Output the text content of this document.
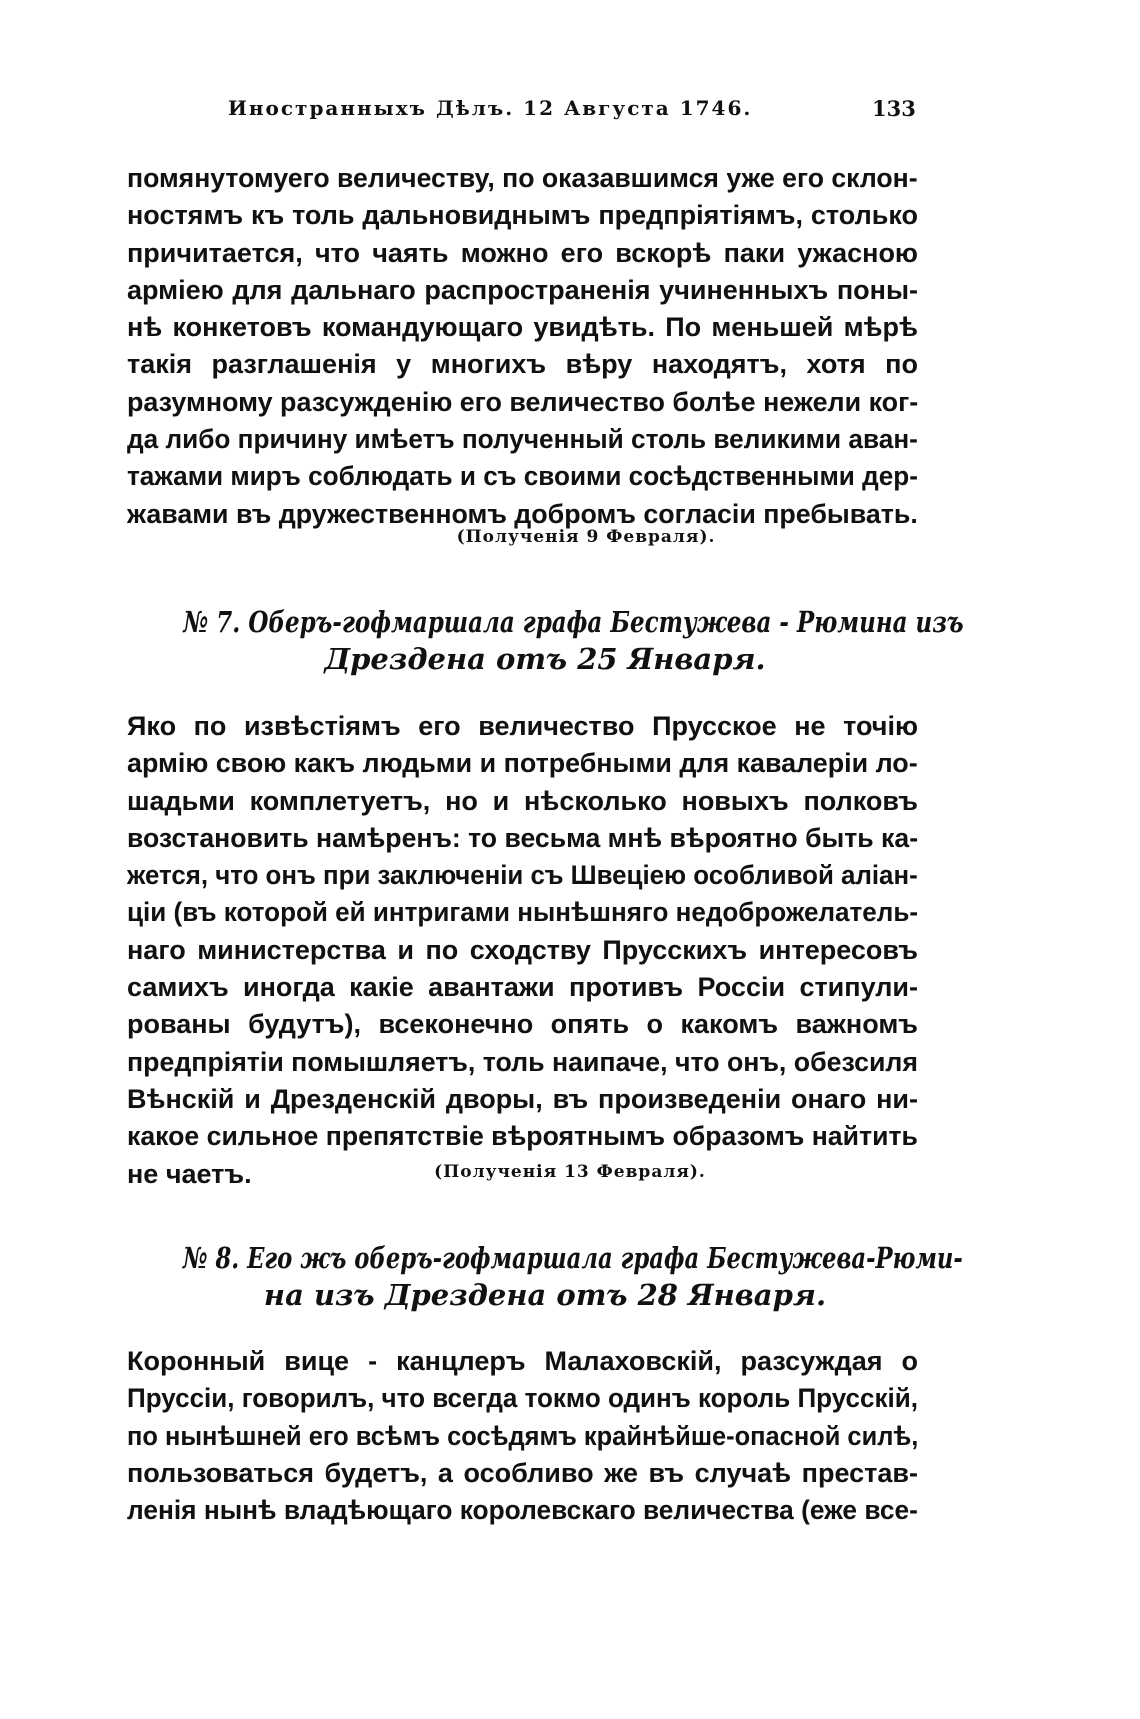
Иностранныхъ Дѣлъ. 12 Августа 1746.	133
помянутомуего величеству, по оказавшимся уже его склон-
ностямъ къ толь дальновиднымъ предпріятіямъ, столько
причитается, что чаять можно его вскорѣ паки ужасною
арміею для дальнаго распространенія учиненныхъ поны-
нѣ конкетовъ командующаго увидѣть. По меньшей мѣрѣ
такія разглашенія у многихъ вѣру находятъ, хотя по
разумному разсужденію его величество болѣе нежели ког-
да либо причину имѣетъ полученный столь великими аван-
тажами миръ соблюдать и съ своими сосѣдственными дер-
жавами въ дружественномъ добромъ согласіи пребывать.
(Полученія 9 Февраля).
№ 7. Оберъ-гофмаршала графа Бестужева - Рюмина изъ
Дрездена отъ 25 Января.
Яко по извѣстіямъ его величество Прусское не точію
армію свою какъ людьми и потребными для кавалеріи ло-
шадьми комплетуетъ, но и нѣсколько новыхъ полковъ
возстановить намѣренъ: то весьма мнѣ вѣроятно быть ка-
жется, что онъ при заключеніи съ Швеціею особливой аліан-
ціи (въ которой ей интригами нынѣшняго недоброжелатель-
наго министерства и по сходству Прусскихъ интересовъ
самихъ иногда какіе авантажи противъ Россіи стипули-
рованы будутъ), всеконечно опять о какомъ важномъ
предпріятіи помышляетъ, толь наипаче, что онъ, обезсиля
Вѣнскій и Дрезденскій дворы, въ произведеніи онаго ни-
какое сильное препятствіе вѣроятнымъ образомъ найтить
не чаетъ.	(Полученія 13 Февраля).
№ 8. Его жъ оберъ-гофмаршала графа Бестужева-Рюми-
на изъ Дрездена отъ 28 Января.
Коронный вице - канцлеръ Малаховскій, разсуждая о
Пруссіи, говорилъ, что всегда токмо одинъ король Прусскій,
по нынѣшней его всѣмъ сосѣдямъ крайнѣйше-опасной силѣ,
пользоваться будетъ, а особливо же въ случаѣ престав-
ленія нынѣ владѣющаго королевскаго величества (еже все-
